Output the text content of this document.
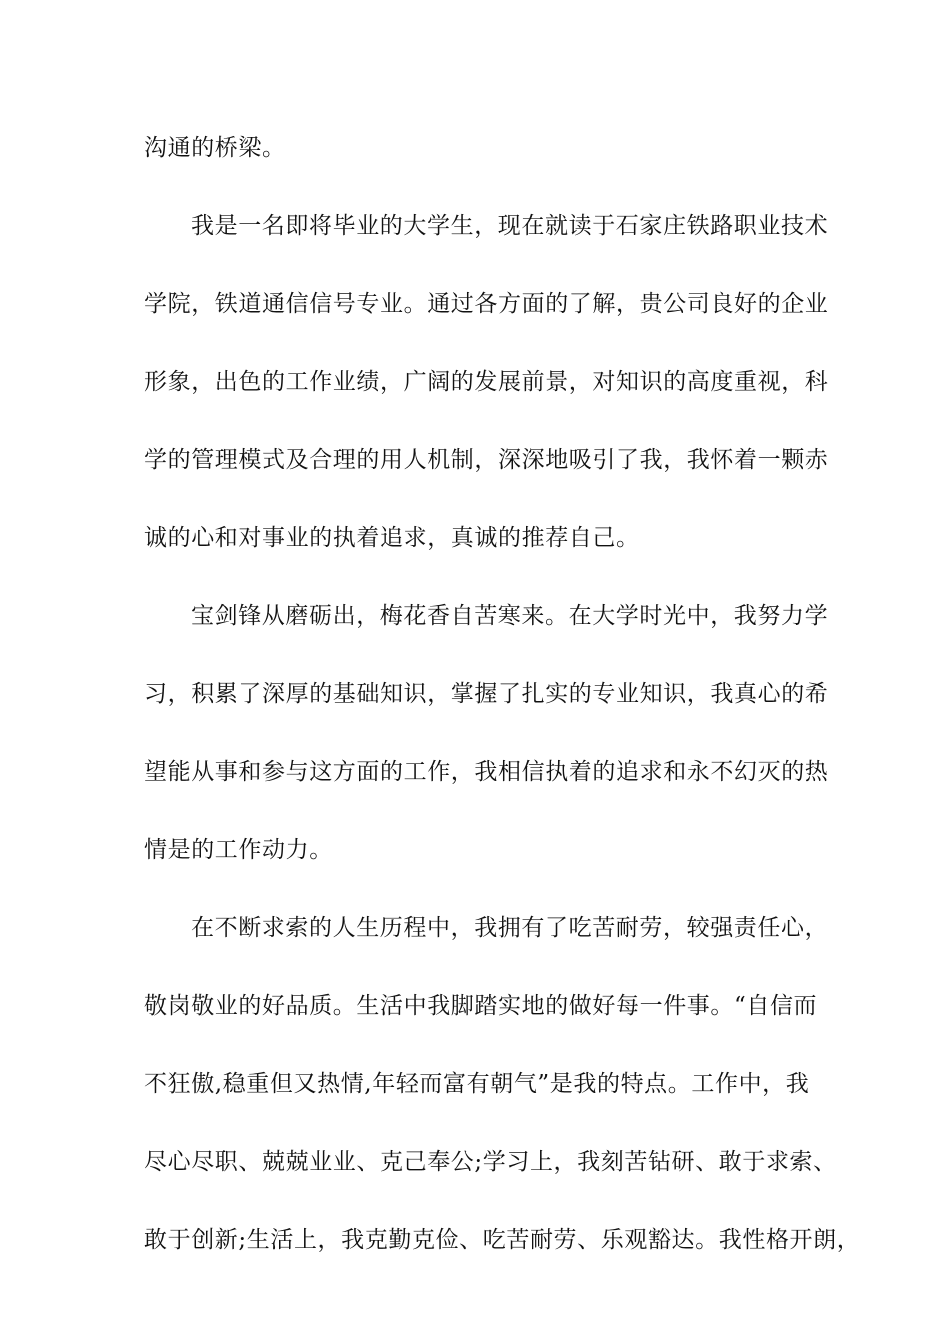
沟通的桥梁。
我是一名即将毕业的大学生，现在就读于石家庄铁路职业技术
学院，铁道通信信号专业。通过各方面的了解，贵公司良好的企业
形象，出色的工作业绩，广阔的发展前景，对知识的高度重视，科
学的管理模式及合理的用人机制，深深地吸引了我，我怀着一颗赤
诚的心和对事业的执着追求，真诚的推荐自己。
宝剑锋从磨砺出，梅花香自苦寒来。在大学时光中，我努力学
习，积累了深厚的基础知识，掌握了扎实的专业知识，我真心的希
望能从事和参与这方面的工作，我相信执着的追求和永不幻灭的热
情是的工作动力。
在不断求索的人生历程中，我拥有了吃苦耐劳，较强责任心，
敬岗敬业的好品质。生活中我脚踏实地的做好每一件事。“自信而
不狂傲,稳重但又热情,年轻而富有朝气”是我的特点。工作中，我
尽心尽职、兢兢业业、克己奉公;学习上，我刻苦钻研、敢于求索、
敢于创新;生活上，我克勤克俭、吃苦耐劳、乐观豁达。我性格开朗，
